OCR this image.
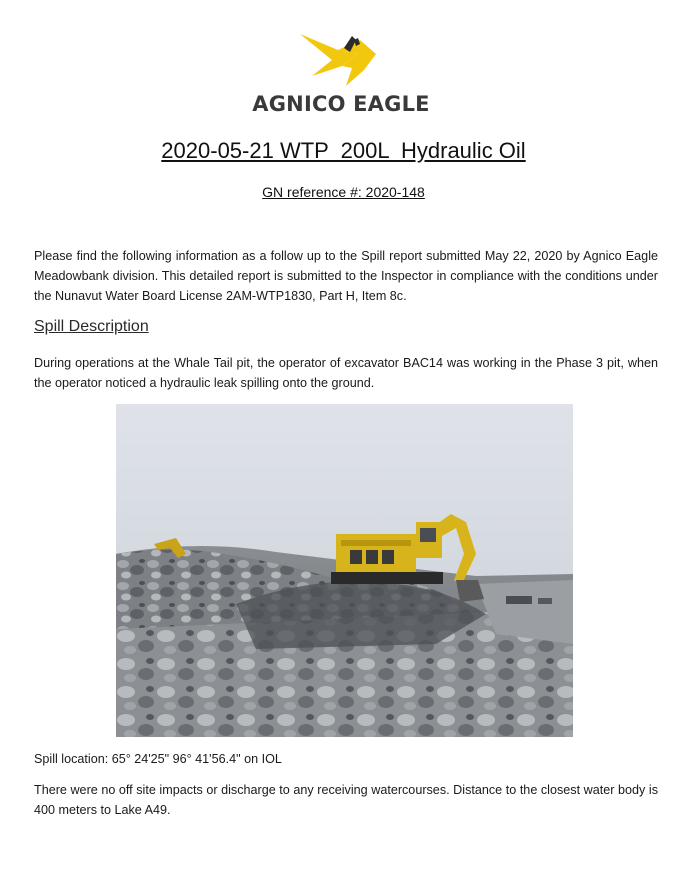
AGNICO EAGLE
2020-05-21 WTP  200L  Hydraulic Oil
GN reference #: 2020-148
Please find the following information as a follow up to the Spill report submitted May 22, 2020 by Agnico Eagle Meadowbank division. This detailed report is submitted to the Inspector in compliance with the conditions under the Nunavut Water Board License 2AM-WTP1830, Part H, Item 8c.
Spill Description
During operations at the Whale Tail pit, the operator of excavator BAC14 was working in the Phase 3 pit, when the operator noticed a hydraulic leak spilling onto the ground.
Spill location: 65° 24'25" 96° 41'56.4" on IOL
There were no off site impacts or discharge to any receiving watercourses. Distance to the closest water body is 400 meters to Lake A49.
